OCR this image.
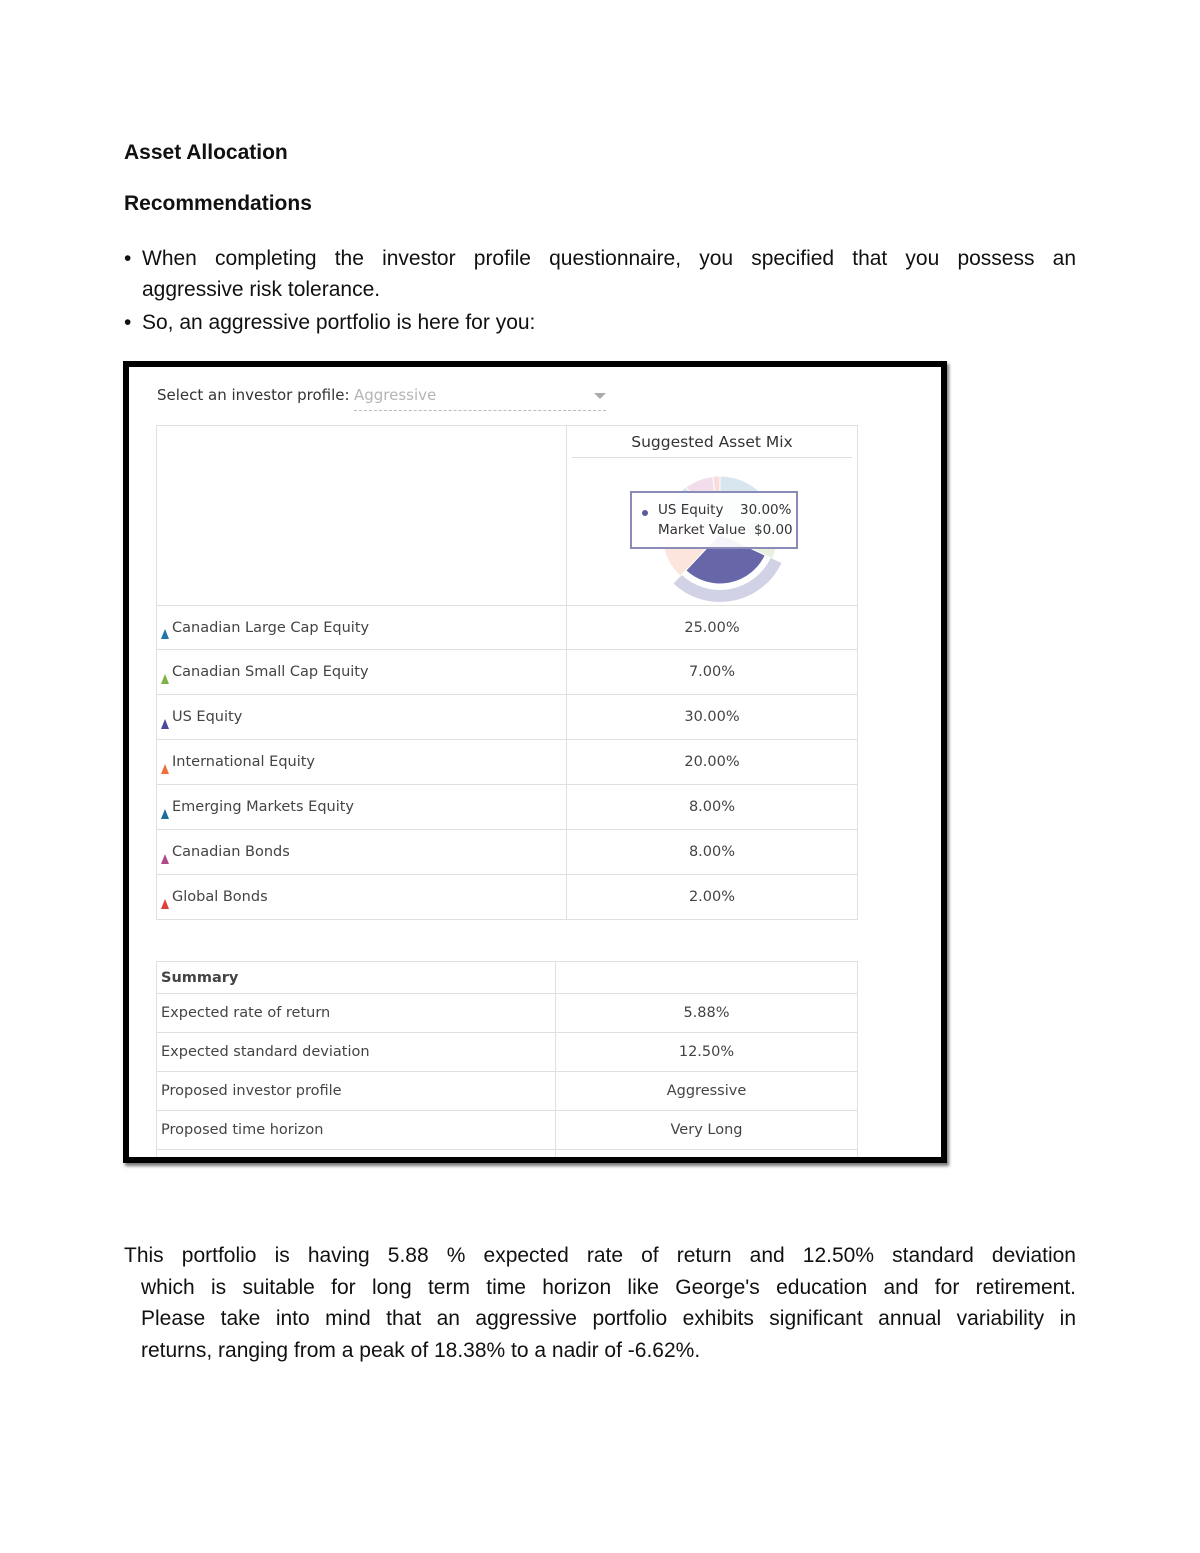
Asset Allocation
Recommendations
• When completing the investor profile questionnaire, you specified that you possess an
aggressive risk tolerance.
• So, an aggressive portfolio is here for you:
Select an investor profile: Aggressive

	Suggested Asset Mix
US Equity 30.00%
Market Value $0.00

Canadian Large Cap Equity	25.00%

Canadian Small Cap Equity	7.00%

US Equity	30.00%

International Equity	20.00%

Emerging Markets Equity	8.00%

Canadian Bonds	8.00%

Global Bonds	2.00%
Summary	
Expected rate of return	5.88%
Expected standard deviation	12.50%
Proposed investor profile	Aggressive
Proposed time horizon	Very Long

This portfolio is having 5.88 % expected rate of return and 12.50% standard deviation
which is suitable for long term time horizon like George's education and for retirement.
Please take into mind that an aggressive portfolio exhibits significant annual variability in
returns, ranging from a peak of 18.38% to a nadir of -6.62%.
